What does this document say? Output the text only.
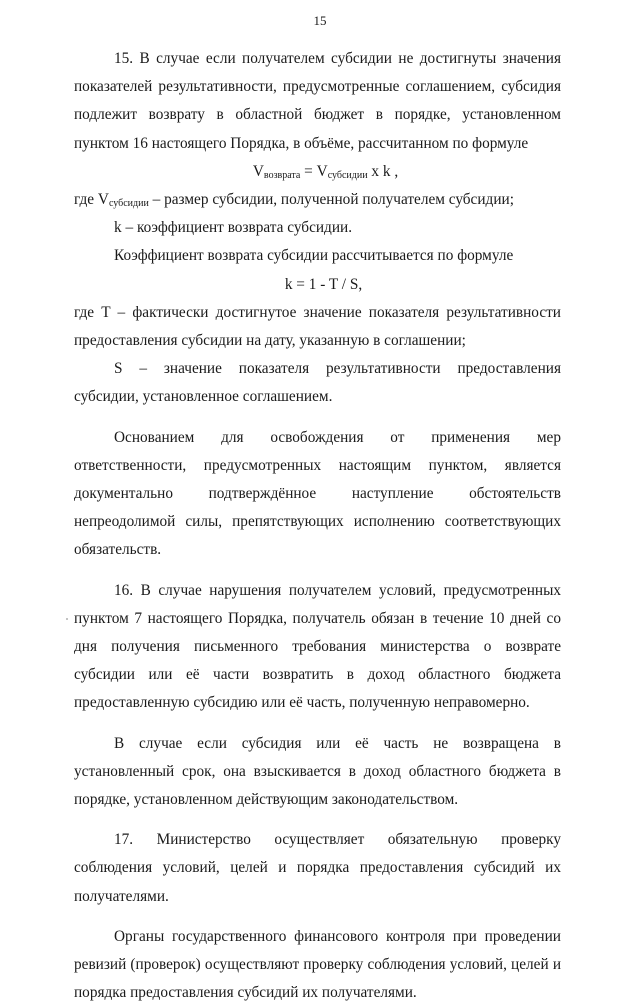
15

15. В случае если получателем субсидии не достигнуты значения показателей результативности, предусмотренные соглашением, субсидия подлежит возврату в областной бюджет в порядке, установленном пунктом 16 настоящего Порядка, в объёме, рассчитанном по формуле

$V_{возврата} = V_{субсидии}$ x k ,

где $V_{субсидии}$ – размер субсидии, полученной получателем субсидии;

k – коэффициент возврата субсидии.

Коэффициент возврата субсидии рассчитывается по формуле

k = 1 - T / S,

где T – фактически достигнутое значение показателя результативности предоставления субсидии на дату, указанную в соглашении;

S – значение показателя результативности предоставления субсидии, установленное соглашением.

Основанием для освобождения от применения мер ответственности, предусмотренных настоящим пунктом, является документально подтверждённое наступление обстоятельств непреодолимой силы, препятствующих исполнению соответствующих обязательств.

16. В случае нарушения получателем условий, предусмотренных пунктом 7 настоящего Порядка, получатель обязан в течение 10 дней со дня получения письменного требования министерства о возврате субсидии или её части возвратить в доход областного бюджета предоставленную субсидию или её часть, полученную неправомерно.

В случае если субсидия или её часть не возвращена в установленный срок, она взыскивается в доход областного бюджета в порядке, установленном действующим законодательством.

17. Министерство осуществляет обязательную проверку соблюдения условий, целей и порядка предоставления субсидий их получателями.

Органы государственного финансового контроля при проведении ревизий (проверок) осуществляют проверку соблюдения условий, целей и порядка предоставления субсидий их получателями.
